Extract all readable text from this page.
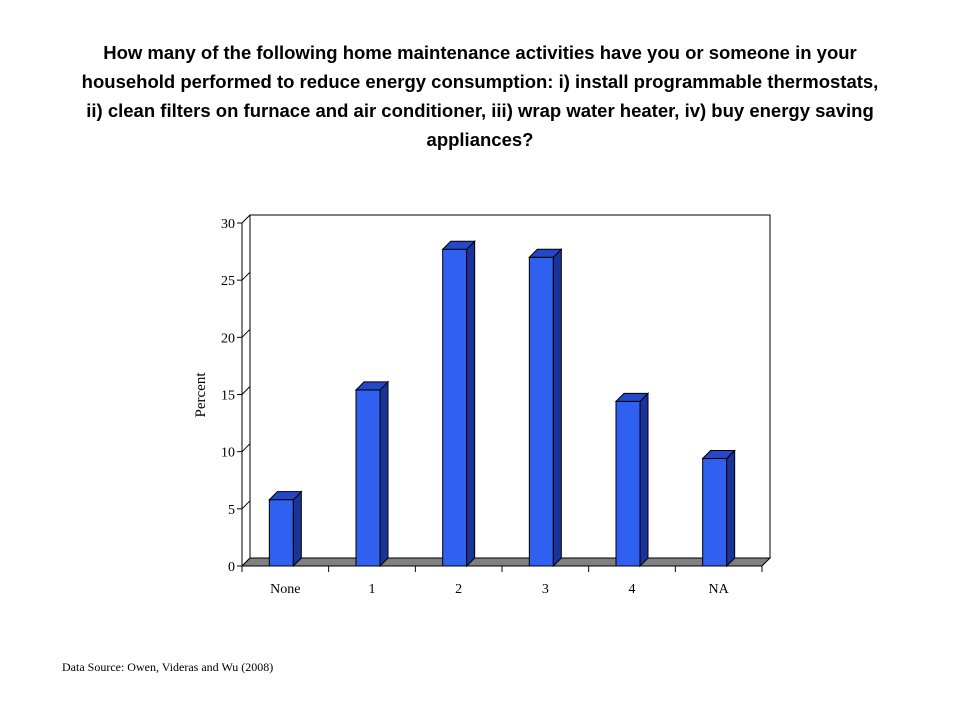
How many of the following home maintenance activities have you or someone in your
household performed to reduce energy consumption: i) install programmable thermostats,
ii) clean filters on furnace and air conditioner, iii) wrap water heater, iv) buy energy saving
appliances?
0
5
10
15
20
25
30
None	1	2	3	4	NA
Percent
Data Source: Owen, Videras and Wu (2008)
